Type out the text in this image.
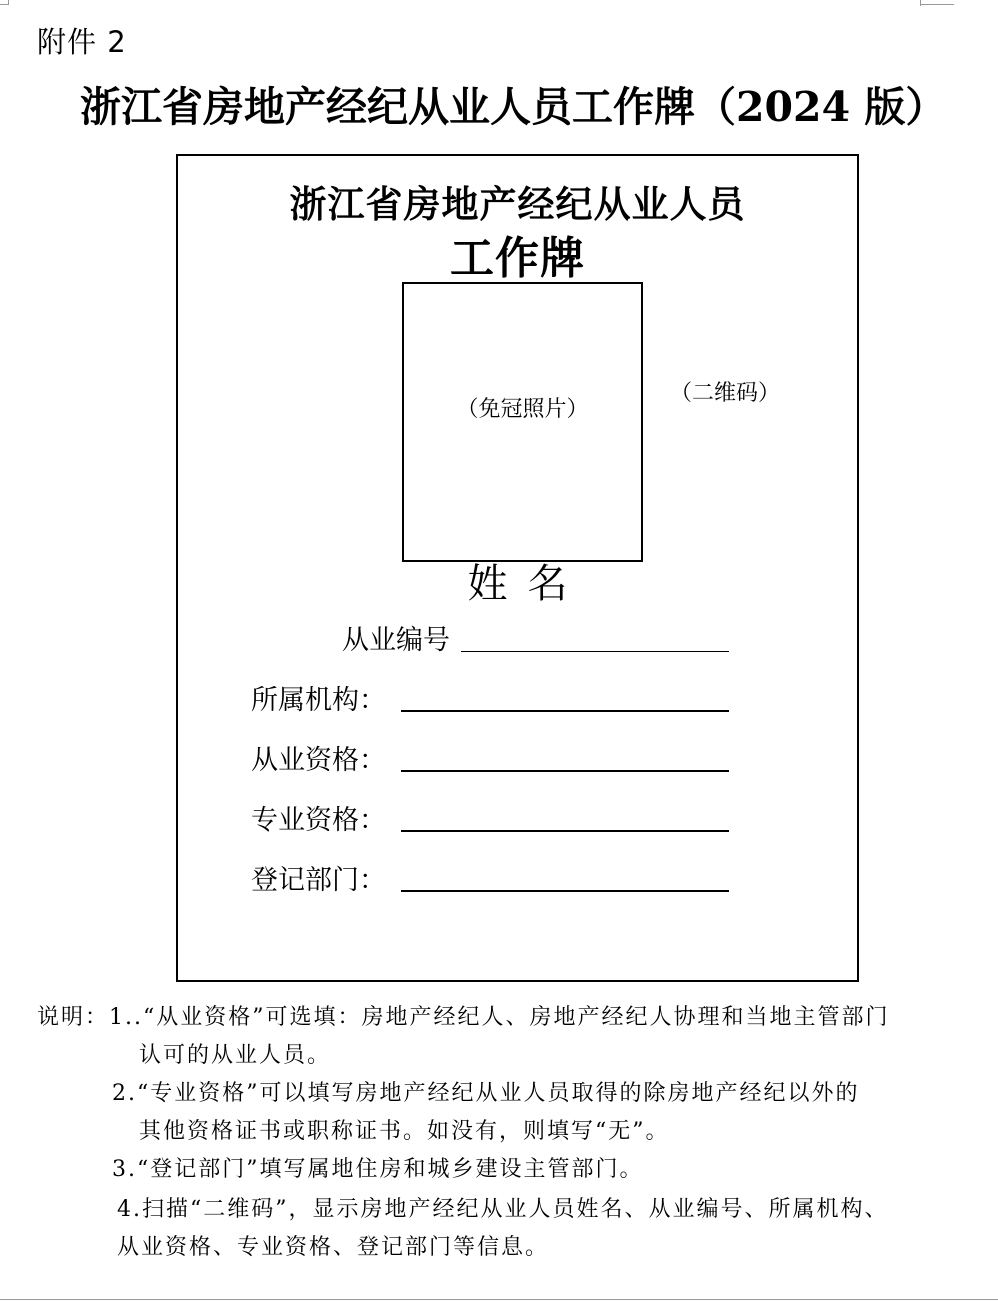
附件 2
浙江省房地产经纪从业人员工作牌（2024 版）
浙江省房地产经纪从业人员
工作牌
（免冠照片）
（二维码）
姓名
从业编号
所属机构：
从业资格：
专业资格：
登记部门：
说明：1..“从业资格”可选填：房地产经纪人、房地产经纪人协理和当地主管部门
认可的从业人员。
2.“专业资格”可以填写房地产经纪从业人员取得的除房地产经纪以外的
其他资格证书或职称证书。如没有，则填写“无”。
3.“登记部门”填写属地住房和城乡建设主管部门。
4.扫描“二维码”，显示房地产经纪从业人员姓名、从业编号、所属机构、
从业资格、专业资格、登记部门等信息。
